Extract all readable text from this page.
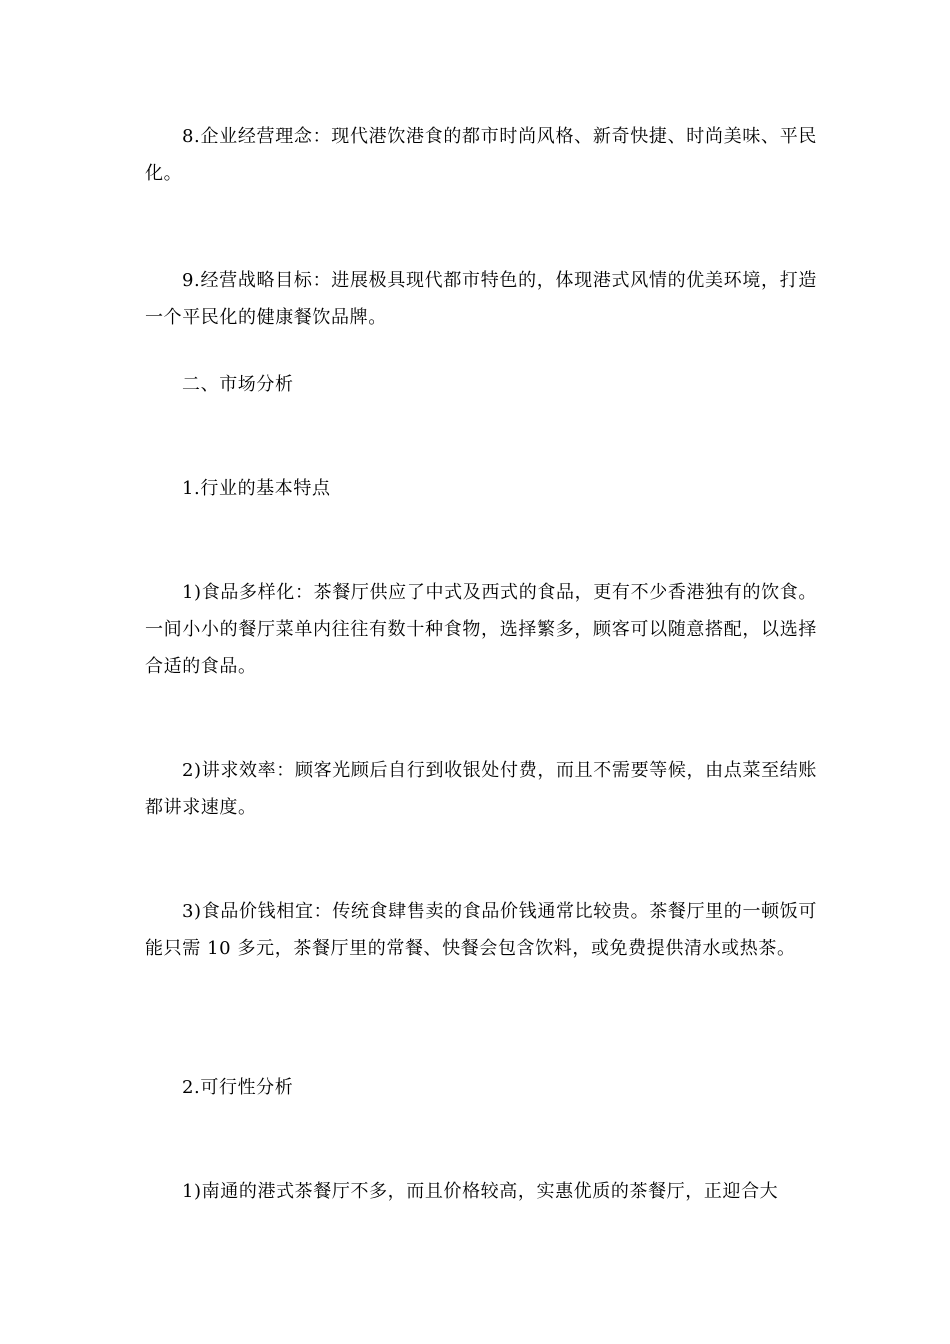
8.企业经营理念：现代港饮港食的都市时尚风格、新奇快捷、时尚美味、平民化。

9.经营战略目标：进展极具现代都市特色的，体现港式风情的优美环境，打造一个平民化的健康餐饮品牌。

二、市场分析

1.行业的基本特点

1)食品多样化：茶餐厅供应了中式及西式的食品，更有不少香港独有的饮食。一间小小的餐厅菜单内往往有数十种食物，选择繁多，顾客可以随意搭配，以选择合适的食品。

2)讲求效率：顾客光顾后自行到收银处付费，而且不需要等候，由点菜至结账都讲求速度。

3)食品价钱相宜：传统食肆售卖的食品价钱通常比较贵。茶餐厅里的一顿饭可能只需 10 多元，茶餐厅里的常餐、快餐会包含饮料，或免费提供清水或热茶。

2.可行性分析

1)南通的港式茶餐厅不多，而且价格较高，实惠优质的茶餐厅，正迎合大
